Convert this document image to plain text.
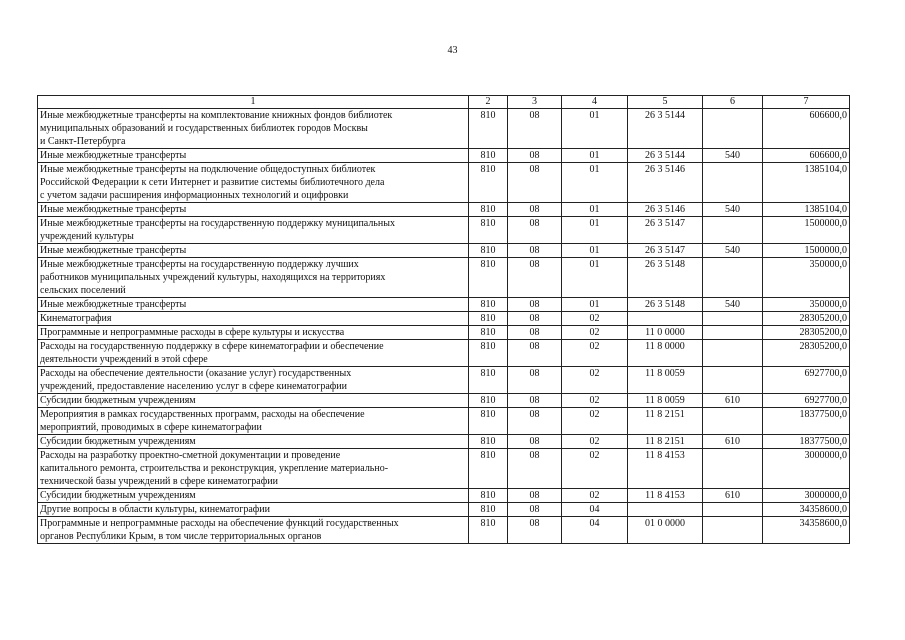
43
1	2	3	4	5	6	7

Иные межбюджетные трансферты на комплектование книжных фондов библиотек
муниципальных образований и государственных библиотек городов Москвы
и Санкт-Петербурга	810	08	01	26 3 5144		606600,0

Иные межбюджетные трансферты	810	08	01	26 3 5144	540	606600,0

Иные межбюджетные трансферты на подключение общедоступных библиотек
Российской Федерации к сети Интернет и развитие системы библиотечного дела
с учетом задачи расширения информационных технологий и оцифровки	810	08	01	26 3 5146		1385104,0

Иные межбюджетные трансферты	810	08	01	26 3 5146	540	1385104,0

Иные межбюджетные трансферты на государственную поддержку муниципальных
учреждений культуры	810	08	01	26 3 5147		1500000,0

Иные межбюджетные трансферты	810	08	01	26 3 5147	540	1500000,0

Иные межбюджетные трансферты на государственную поддержку лучших
работников муниципальных учреждений культуры, находящихся на территориях
сельских поселений	810	08	01	26 3 5148		350000,0

Иные межбюджетные трансферты	810	08	01	26 3 5148	540	350000,0

Кинематография	810	08	02			28305200,0

Программные и непрограммные расходы в сфере культуры и искусства	810	08	02	11 0 0000		28305200,0

Расходы на государственную поддержку в сфере кинематографии и обеспечение
деятельности учреждений в этой сфере	810	08	02	11 8 0000		28305200,0

Расходы на обеспечение деятельности (оказание услуг) государственных
учреждений, предоставление населению услуг в сфере кинематографии	810	08	02	11 8 0059		6927700,0

Субсидии бюджетным учреждениям	810	08	02	11 8 0059	610	6927700,0

Мероприятия в рамках государственных программ, расходы на обеспечение
мероприятий, проводимых в сфере кинематографии	810	08	02	11 8 2151		18377500,0

Субсидии бюджетным учреждениям	810	08	02	11 8 2151	610	18377500,0

Расходы на разработку проектно-сметной документации и проведение
капитального ремонта, строительства и реконструкция, укрепление материально-
технической базы учреждений в сфере кинематографии	810	08	02	11 8 4153		3000000,0

Субсидии бюджетным учреждениям	810	08	02	11 8 4153	610	3000000,0

Другие вопросы в области культуры, кинематографии	810	08	04			34358600,0

Программные и непрограммные расходы на обеспечение функций государственных
органов Республики Крым, в том числе территориальных органов	810	08	04	01 0 0000		34358600,0
